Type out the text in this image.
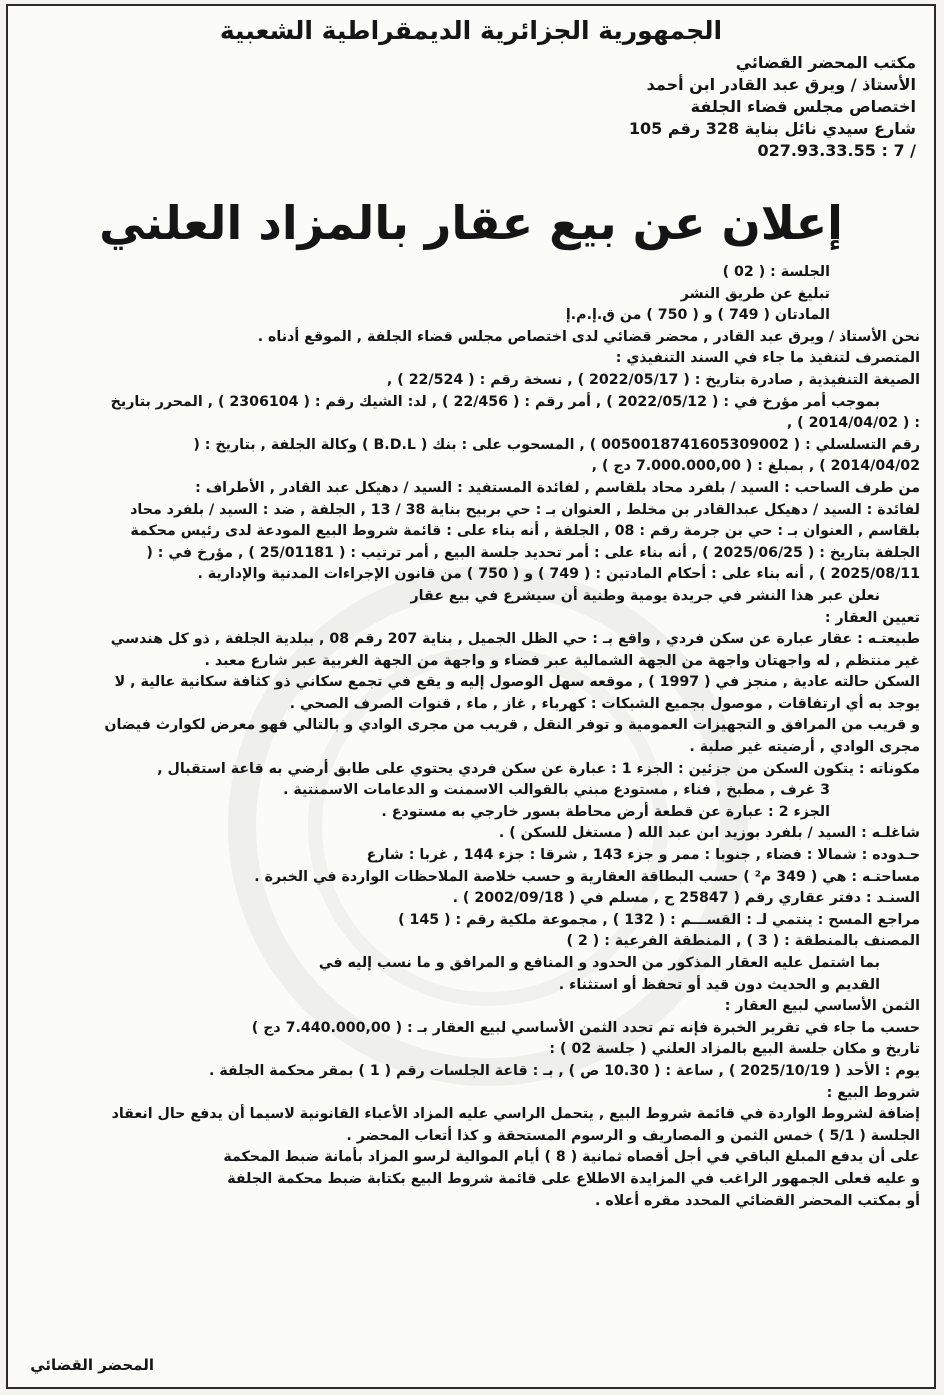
الجمهورية الجزائرية الديمقراطية الشعبية
مكتب المحضر القضائي
الأستاذ / ويرق عبد القادر ابن أحمد
اختصاص مجلس قضاء الجلفة
شارع سيدي نائل بناية 328 رقم 105
/ 7 : 027.93.33.55
إعلان عن بيع عقار بالمزاد العلني
الجلسة : ( 02 )
تبليغ عن طريق النشر
المادتان ( 749 ) و ( 750 ) من ق.إ.م.إ
نحن الأستاذ / ويرق عبد القادر , محضر قضائي لدى اختصاص مجلس قضاء الجلفة , الموقع أدناه .
المتصرف لتنفيذ ما جاء في السند التنفيذي :
الصيغة التنفيذية , صادرة بتاريخ : ( 2022/05/17 ) , نسخة رقم : ( 22/524 ) ,
بموجب أمر مؤرخ في : ( 2022/05/12 ) , أمر رقم : ( 22/456 ) , لد: الشيك رقم : ( 2306104 ) , المحرر بتاريخ
: ( 2014/04/02 ) ,
رقم التسلسلي : ( 0050018741605309002 ) , المسحوب على : بنك ( B.D.L ) وكالة الجلفة , بتاريخ : (
2014/04/02 ) , بمبلغ : ( 7.000.000,00 دج ) ,
من طرف الساحب : السيد / بلفرد محاد بلقاسم , لفائدة المستفيد : السيد / دهيكل عبد القادر , الأطراف :
لفائدة : السيد / دهيكل عبدالقادر بن مخلط , العنوان بـ : حي بربيح بناية 38 / 13 , الجلفة , ضد : السيد / بلفرد محاد
بلقاسم , العنوان بـ : حي بن جرمة رقم : 08 , الجلفة , أنه بناء على : قائمة شروط البيع المودعة لدى رئيس محكمة
الجلفة بتاريخ : ( 2025/06/25 ) , أنه بناء على : أمر تحديد جلسة البيع , أمر ترتيب : ( 25/01181 ) , مؤرخ في : (
2025/08/11 ) , أنه بناء على : أحكام المادتين : ( 749 ) و ( 750 ) من قانون الإجراءات المدنية والإدارية .
نعلن عبر هذا النشر في جريدة يومية وطنية أن سيشرع في بيع عقار
تعيين العقار :
طبيعتـه : عقار عبارة عن سكن فردي , واقع بـ : حي الظل الجميل , بناية 207 رقم 08 , ببلدية الجلفة , ذو كل هندسي
غير منتظم , له واجهتان واجهة من الجهة الشمالية عبر فضاء و واجهة من الجهة الغربية عبر شارع معبد .
السكن حالته عادية , منجز في ( 1997 ) , موقعه سهل الوصول إليه و يقع في تجمع سكاني ذو كثافة سكانية عالية , لا
يوجد به أي ارتفاقات , موصول بجميع الشبكات : كهرباء , غاز , ماء , قنوات الصرف الصحي .
و قريب من المرافق و التجهيزات العمومية و توفر النقل , قريب من مجرى الوادي و بالتالي فهو معرض لكوارث فيضان
مجرى الوادي , أرضيته غير صلبة .
مكوناته : يتكون السكن من جزئين : الجزء 1 : عبارة عن سكن فردي يحتوي على طابق أرضي به قاعة استقبال ,
3 غرف , مطبخ , فناء , مستودع مبني بالقوالب الاسمنت و الدعامات الاسمنتية .
الجزء 2 : عبارة عن قطعة أرض محاطة بسور خارجي به مستودع .
شاغلـه : السيد / بلفرد بوزيد ابن عبد الله ( مستغل للسكن ) .
حـدوده : شمالا : فضاء , جنوبا : ممر و جزء 143 , شرقا : جزء 144 , غربا : شارع
مساحتـه : هي ( 349 م² ) حسب البطاقة العقارية و حسب خلاصة الملاحظات الواردة في الخبرة .
السنـد : دفتر عقاري رقم ( 25847 ح , مسلم في ( 2002/09/18 ) .
مراجع المسح : ينتمي لـ : القســـم : ( 132 ) , مجموعة ملكية رقم : ( 145 )
المصنف بالمنطقة : ( 3 ) , المنطقة الفرعية : ( 2 )
بما اشتمل عليه العقار المذكور من الحدود و المنافع و المرافق و ما نسب إليه في
القديم و الحديث دون قيد أو تحفظ أو استثناء .
الثمن الأساسي لبيع العقار :
حسب ما جاء في تقرير الخبرة فإنه تم تحدد الثمن الأساسي لبيع العقار بـ : ( 7.440.000,00 دج )
تاريخ و مكان جلسة البيع بالمزاد العلني ( جلسة 02 ) :
يوم : الأحد ( 2025/10/19 ) , ساعة : ( 10.30 ص ) , بـ : قاعة الجلسات رقم ( 1 ) بمقر محكمة الجلفة .
شروط البيع :
إضافة لشروط الواردة في قائمة شروط البيع , يتحمل الراسي عليه المزاد الأعباء القانونية لاسيما أن يدفع حال انعقاد
الجلسة ( 5/1 ) خمس الثمن و المصاريف و الرسوم المستحقة و كذا أتعاب المحضر .
على أن يدفع المبلغ الباقي في أجل أقصاه ثمانية ( 8 ) أيام الموالية لرسو المزاد بأمانة ضبط المحكمة
و عليه فعلى الجمهور الراغب في المزايدة الاطلاع على قائمة شروط البيع بكتابة ضبط محكمة الجلفة
أو بمكتب المحضر القضائي المحدد مقره أعلاه .
المحضر القضائي
